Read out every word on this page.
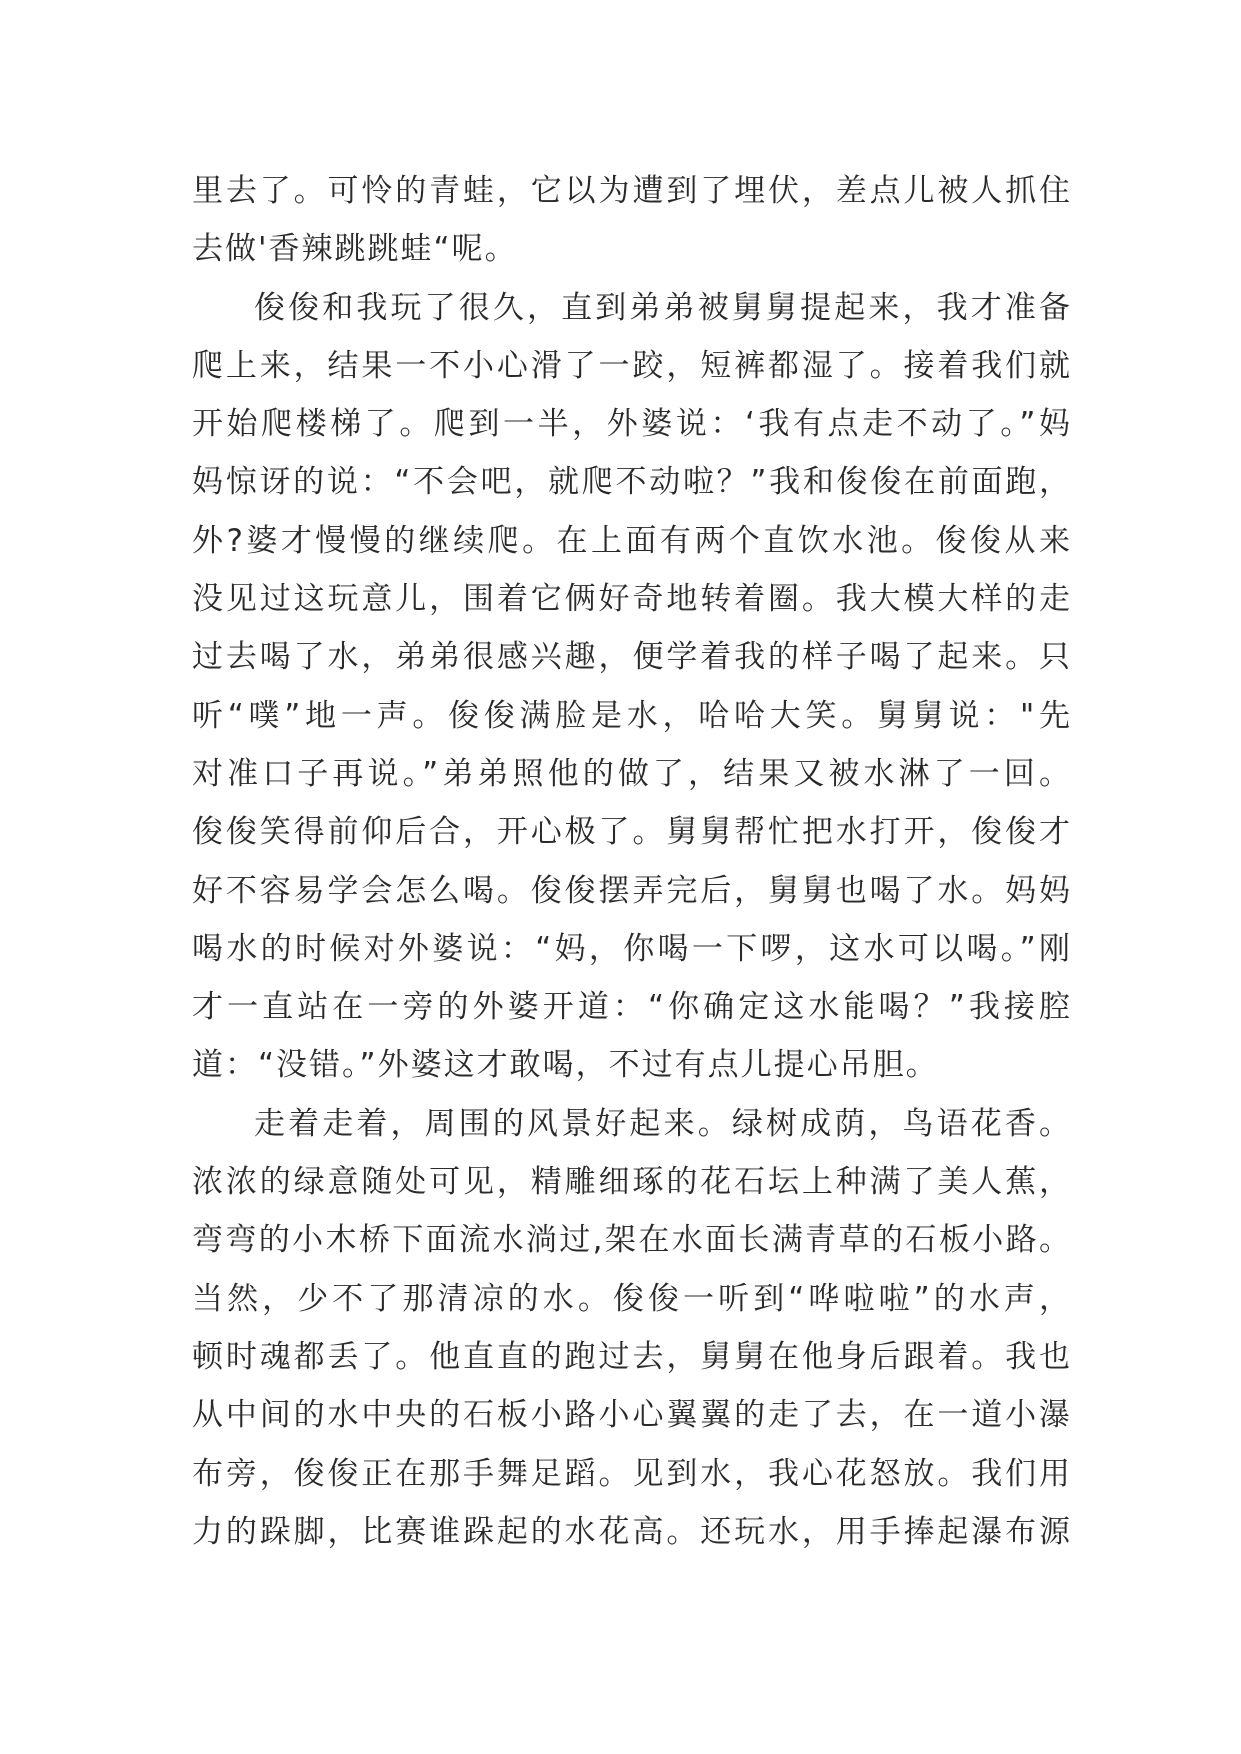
里去了。可怜的青蛙，它以为遭到了埋伏，差点儿被人抓住
去做'香辣跳跳蛙“呢。
俊俊和我玩了很久，直到弟弟被舅舅提起来，我才准备
爬上来，结果一不小心滑了一跤，短裤都湿了。接着我们就
开始爬楼梯了。爬到一半，外婆说：‘我有点走不动了。”妈
妈惊讶的说：“不会吧，就爬不动啦？”我和俊俊在前面跑，
外?婆才慢慢的继续爬。在上面有两个直饮水池。俊俊从来
没见过这玩意儿，围着它俩好奇地转着圈。我大模大样的走
过去喝了水，弟弟很感兴趣，便学着我的样子喝了起来。只
听“噗”地一声。俊俊满脸是水，哈哈大笑。舅舅说："先
对准口子再说。”弟弟照他的做了，结果又被水淋了一回。
俊俊笑得前仰后合，开心极了。舅舅帮忙把水打开，俊俊才
好不容易学会怎么喝。俊俊摆弄完后，舅舅也喝了水。妈妈
喝水的时候对外婆说：“妈，你喝一下啰，这水可以喝。”刚
才一直站在一旁的外婆开道：“你确定这水能喝？”我接腔
道：“没错。”外婆这才敢喝，不过有点儿提心吊胆。
走着走着，周围的风景好起来。绿树成荫，鸟语花香。
浓浓的绿意随处可见，精雕细琢的花石坛上种满了美人蕉，
弯弯的小木桥下面流水淌过,架在水面长满青草的石板小路。
当然，少不了那清凉的水。俊俊一听到“哗啦啦”的水声，
顿时魂都丢了。他直直的跑过去，舅舅在他身后跟着。我也
从中间的水中央的石板小路小心翼翼的走了去，在一道小瀑
布旁，俊俊正在那手舞足蹈。见到水，我心花怒放。我们用
力的跺脚，比赛谁跺起的水花高。还玩水，用手捧起瀑布源
